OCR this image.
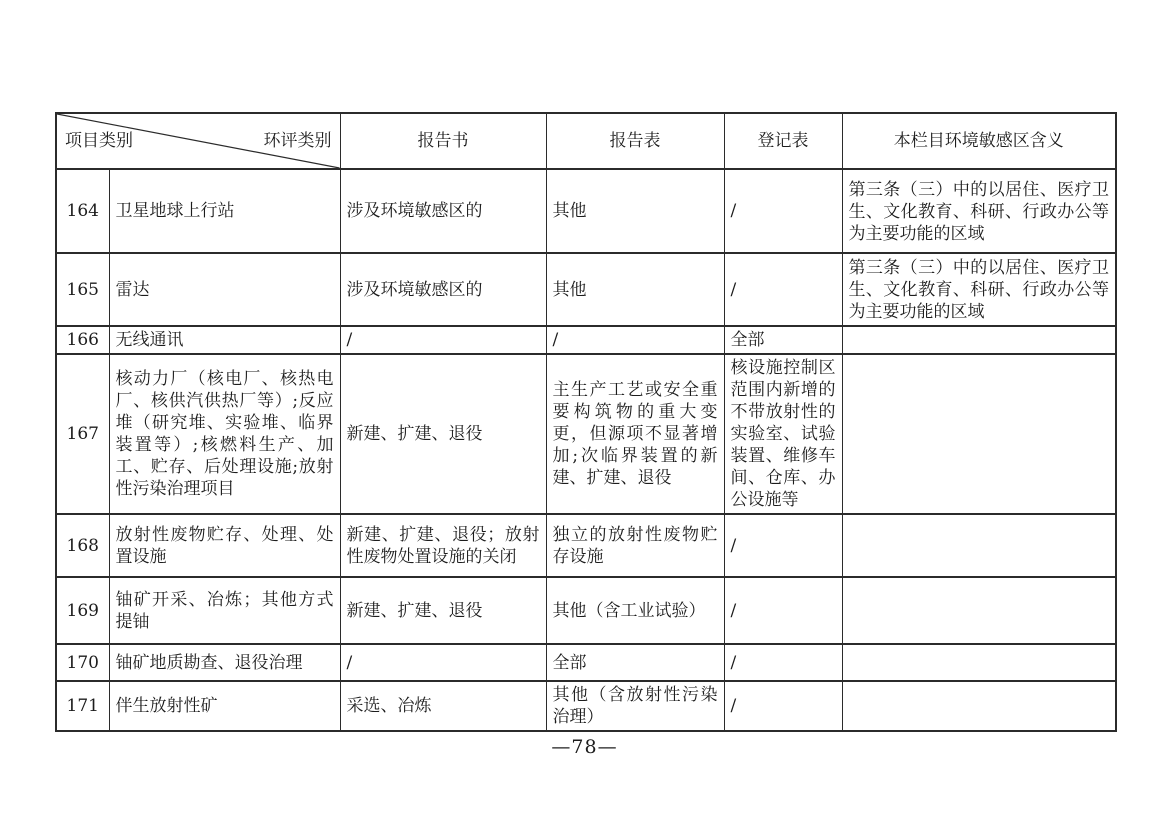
项目类别 环评类别		报告书	报告表	登记表	本栏目环境敏感区含义
164	卫星地球上行站	涉及环境敏感区的	其他	/	第三条（三）中的以居住、医疗卫生、文化教育、科研、行政办公等为主要功能的区域
165	雷达	涉及环境敏感区的	其他	/	第三条（三）中的以居住、医疗卫生、文化教育、科研、行政办公等为主要功能的区域
166	无线通讯	/	/	全部	
167	核动力厂（核电厂、核热电厂、核供汽供热厂等）;反应堆（研究堆、实验堆、临界装置等）;核燃料生产、加工、贮存、后处理设施;放射性污染治理项目	新建、扩建、退役	主生产工艺或安全重要构筑物的重大变更，但源项不显著增加;次临界装置的新建、扩建、退役	核设施控制区范围内新增的不带放射性的实验室、试验装置、维修车间、仓库、办公设施等	
168	放射性废物贮存、处理、处置设施	新建、扩建、退役；放射性废物处置设施的关闭	独立的放射性废物贮存设施	/	
169	铀矿开采、冶炼；其他方式提铀	新建、扩建、退役	其他（含工业试验）	/	
170	铀矿地质勘查、退役治理	/	全部	/	
171	伴生放射性矿	采选、冶炼	其他（含放射性污染治理）	/	
—78—
